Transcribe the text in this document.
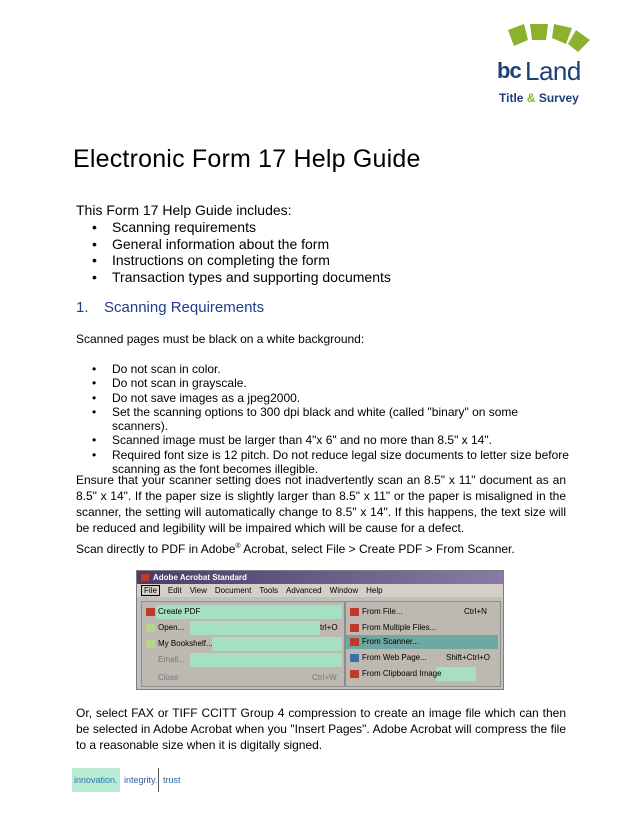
bc Land
Title & Survey
Electronic Form 17 Help Guide

This Form 17 Help Guide includes:

• Scanning requirements
• General information about the form
• Instructions on completing the form
• Transaction types and supporting documents
1. Scanning Requirements

Scanned pages must be black on a white background:

• Do not scan in color.
• Do not scan in grayscale.
• Do not save images as a jpeg2000.
• Set the scanning options to 300 dpi black and white (called "binary" on some scanners).
• Scanned image must be larger than 4"x 6" and no more than 8.5" x 14".
• Required font size is 12 pitch. Do not reduce legal size documents to letter size before scanning as the font becomes illegible.

Ensure that your scanner setting does not inadvertently scan an 8.5" x 11" document as an 8.5" x 14". If the paper size is slightly larger than 8.5" x 11" or the paper is misaligned in the scanner, the setting will automatically change to 8.5" x 14". If this happens, the text size will be reduced and legibility will be impaired which will be cause for a defect.

Scan directly to PDF in Adobe® Acrobat, select File > Create PDF > From Scanner.

Adobe Acrobat Standard
File Edit View Document Tools Advanced Window Help
Create PDF
Open...	trl+O
My Bookshelf...
Email...
Close	Ctrl+W
From File...	Ctrl+N
From Multiple Files...
From Scanner...
From Web Page... Shift+Ctrl+O
From Clipboard Image

Or, select FAX or TIFF CCITT Group 4 compression to create an image file which can then be selected in Adobe Acrobat when you "Insert Pages". Adobe Acrobat will compress the file to a reasonable size when it is digitally signed.

innovation. integrity. trust
